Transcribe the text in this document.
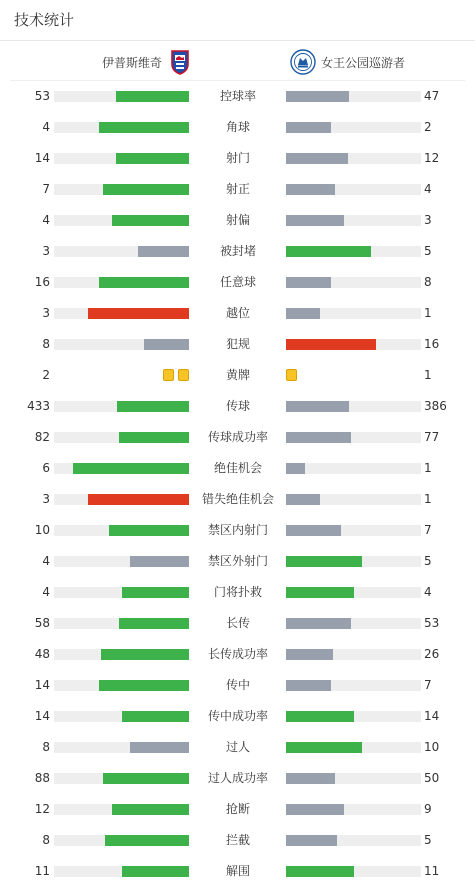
技术统计
伊普斯维奇	女王公园巡游者
53	控球率	47
4	角球	2
14	射门	12
7	射正	4
4	射偏	3
3	被封堵	5
16	任意球	8
3	越位	1
8	犯规	16
2	黄牌	1
433	传球	386
82	传球成功率	77
6	绝佳机会	1
3	错失绝佳机会	1
10	禁区内射门	7
4	禁区外射门	5
4	门将扑救	4
58	长传	53
48	长传成功率	26
14	传中	7
14	传中成功率	14
8	过人	10
88	过人成功率	50
12	抢断	9
8	拦截	5
11	解围	11
